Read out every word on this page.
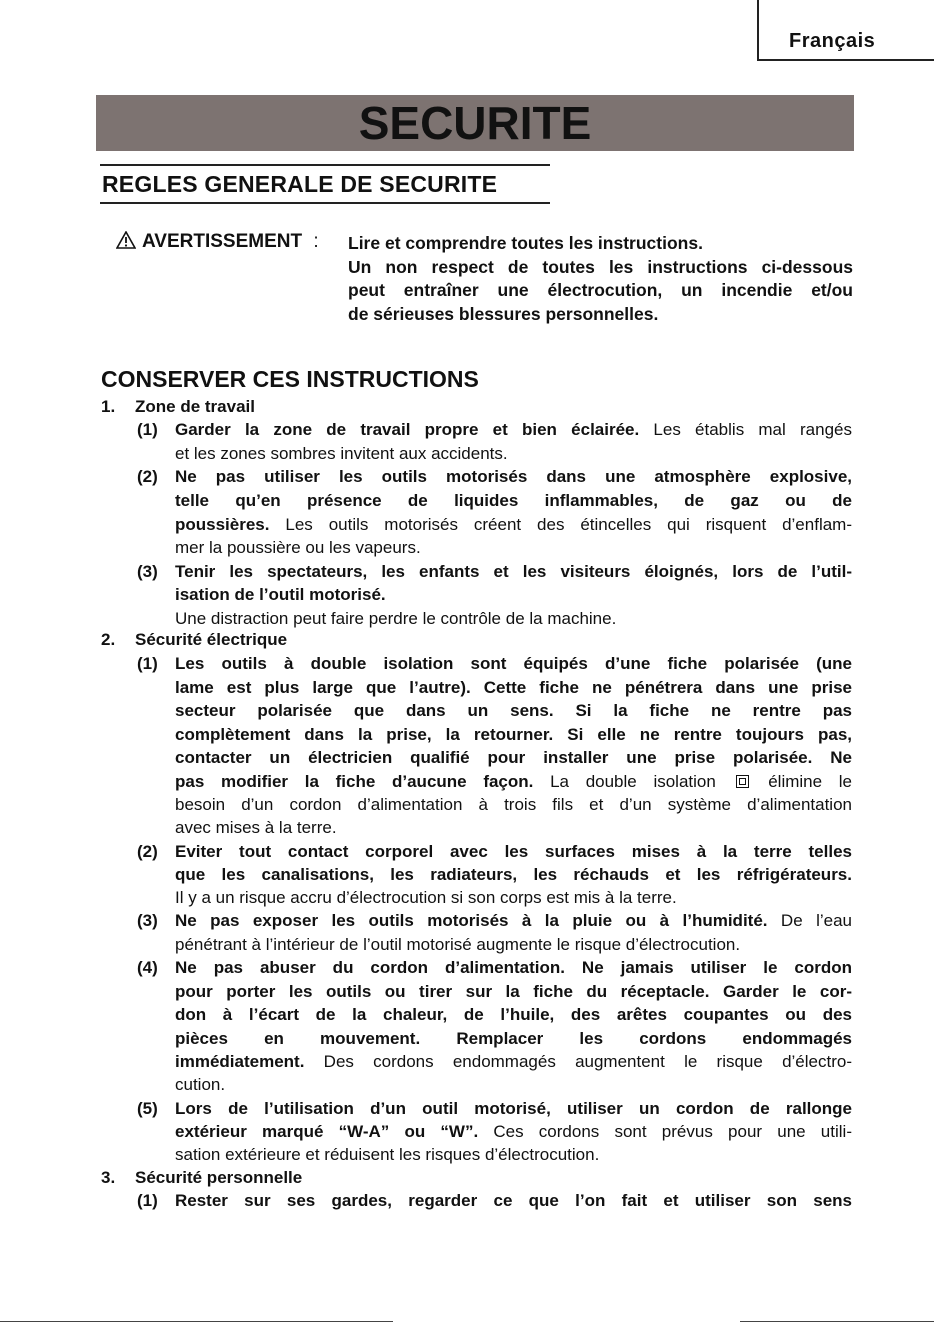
Français
SECURITE
REGLES GENERALE DE SECURITE
AVERTISSEMENT : Lire et comprendre toutes les instructions.
Un non respect de toutes les instructions ci-dessous
peut entraîner une électrocution, un incendie et/ou
de sérieuses blessures personnelles.
CONSERVER CES INSTRUCTIONS
1. Zone de travail
(1) Garder la zone de travail propre et bien éclairée. Les établis mal rangés
et les zones sombres invitent aux accidents.
(2) Ne pas utiliser les outils motorisés dans une atmosphère explosive,
telle qu’en présence de liquides inflammables, de gaz ou de
poussières. Les outils motorisés créent des étincelles qui risquent d’enflam-
mer la poussière ou les vapeurs.
(3) Tenir les spectateurs, les enfants et les visiteurs éloignés, lors de l’util-
isation de l’outil motorisé.
Une distraction peut faire perdre le contrôle de la machine.
2. Sécurité électrique
(1) Les outils à double isolation sont équipés d’une fiche polarisée (une
lame est plus large que l’autre). Cette fiche ne pénétrera dans une prise
secteur polarisée que dans un sens. Si la fiche ne rentre pas
complètement dans la prise, la retourner. Si elle ne rentre toujours pas,
contacter un électricien qualifié pour installer une prise polarisée. Ne
pas modifier la fiche d’aucune façon. La double isolation
élimine le
besoin d’un cordon d’alimentation à trois fils et d’un système d’alimentation
avec mises à la terre.
(2) Eviter tout contact corporel avec les surfaces mises à la terre telles
que les canalisations, les radiateurs, les réchauds et les réfrigérateurs.
Il y a un risque accru d’électrocution si son corps est mis à la terre.
(3) Ne pas exposer les outils motorisés à la pluie ou à l’humidité. De l’eau
pénétrant à l’intérieur de l’outil motorisé augmente le risque d’électrocution.
(4) Ne pas abuser du cordon d’alimentation. Ne jamais utiliser le cordon
pour porter les outils ou tirer sur la fiche du réceptacle. Garder le cor-
don à l’écart de la chaleur, de l’huile, des arêtes coupantes ou des
pièces en mouvement. Remplacer les cordons endommagés
immédiatement. Des cordons endommagés augmentent le risque d’électro-
cution.
(5) Lors de l’utilisation d’un outil motorisé, utiliser un cordon de rallonge
extérieur marqué “W-A” ou “W”. Ces cordons sont prévus pour une utili-
sation extérieure et réduisent les risques d’électrocution.
3. Sécurité personnelle
(1) Rester sur ses gardes, regarder ce que l’on fait et utiliser son sens
